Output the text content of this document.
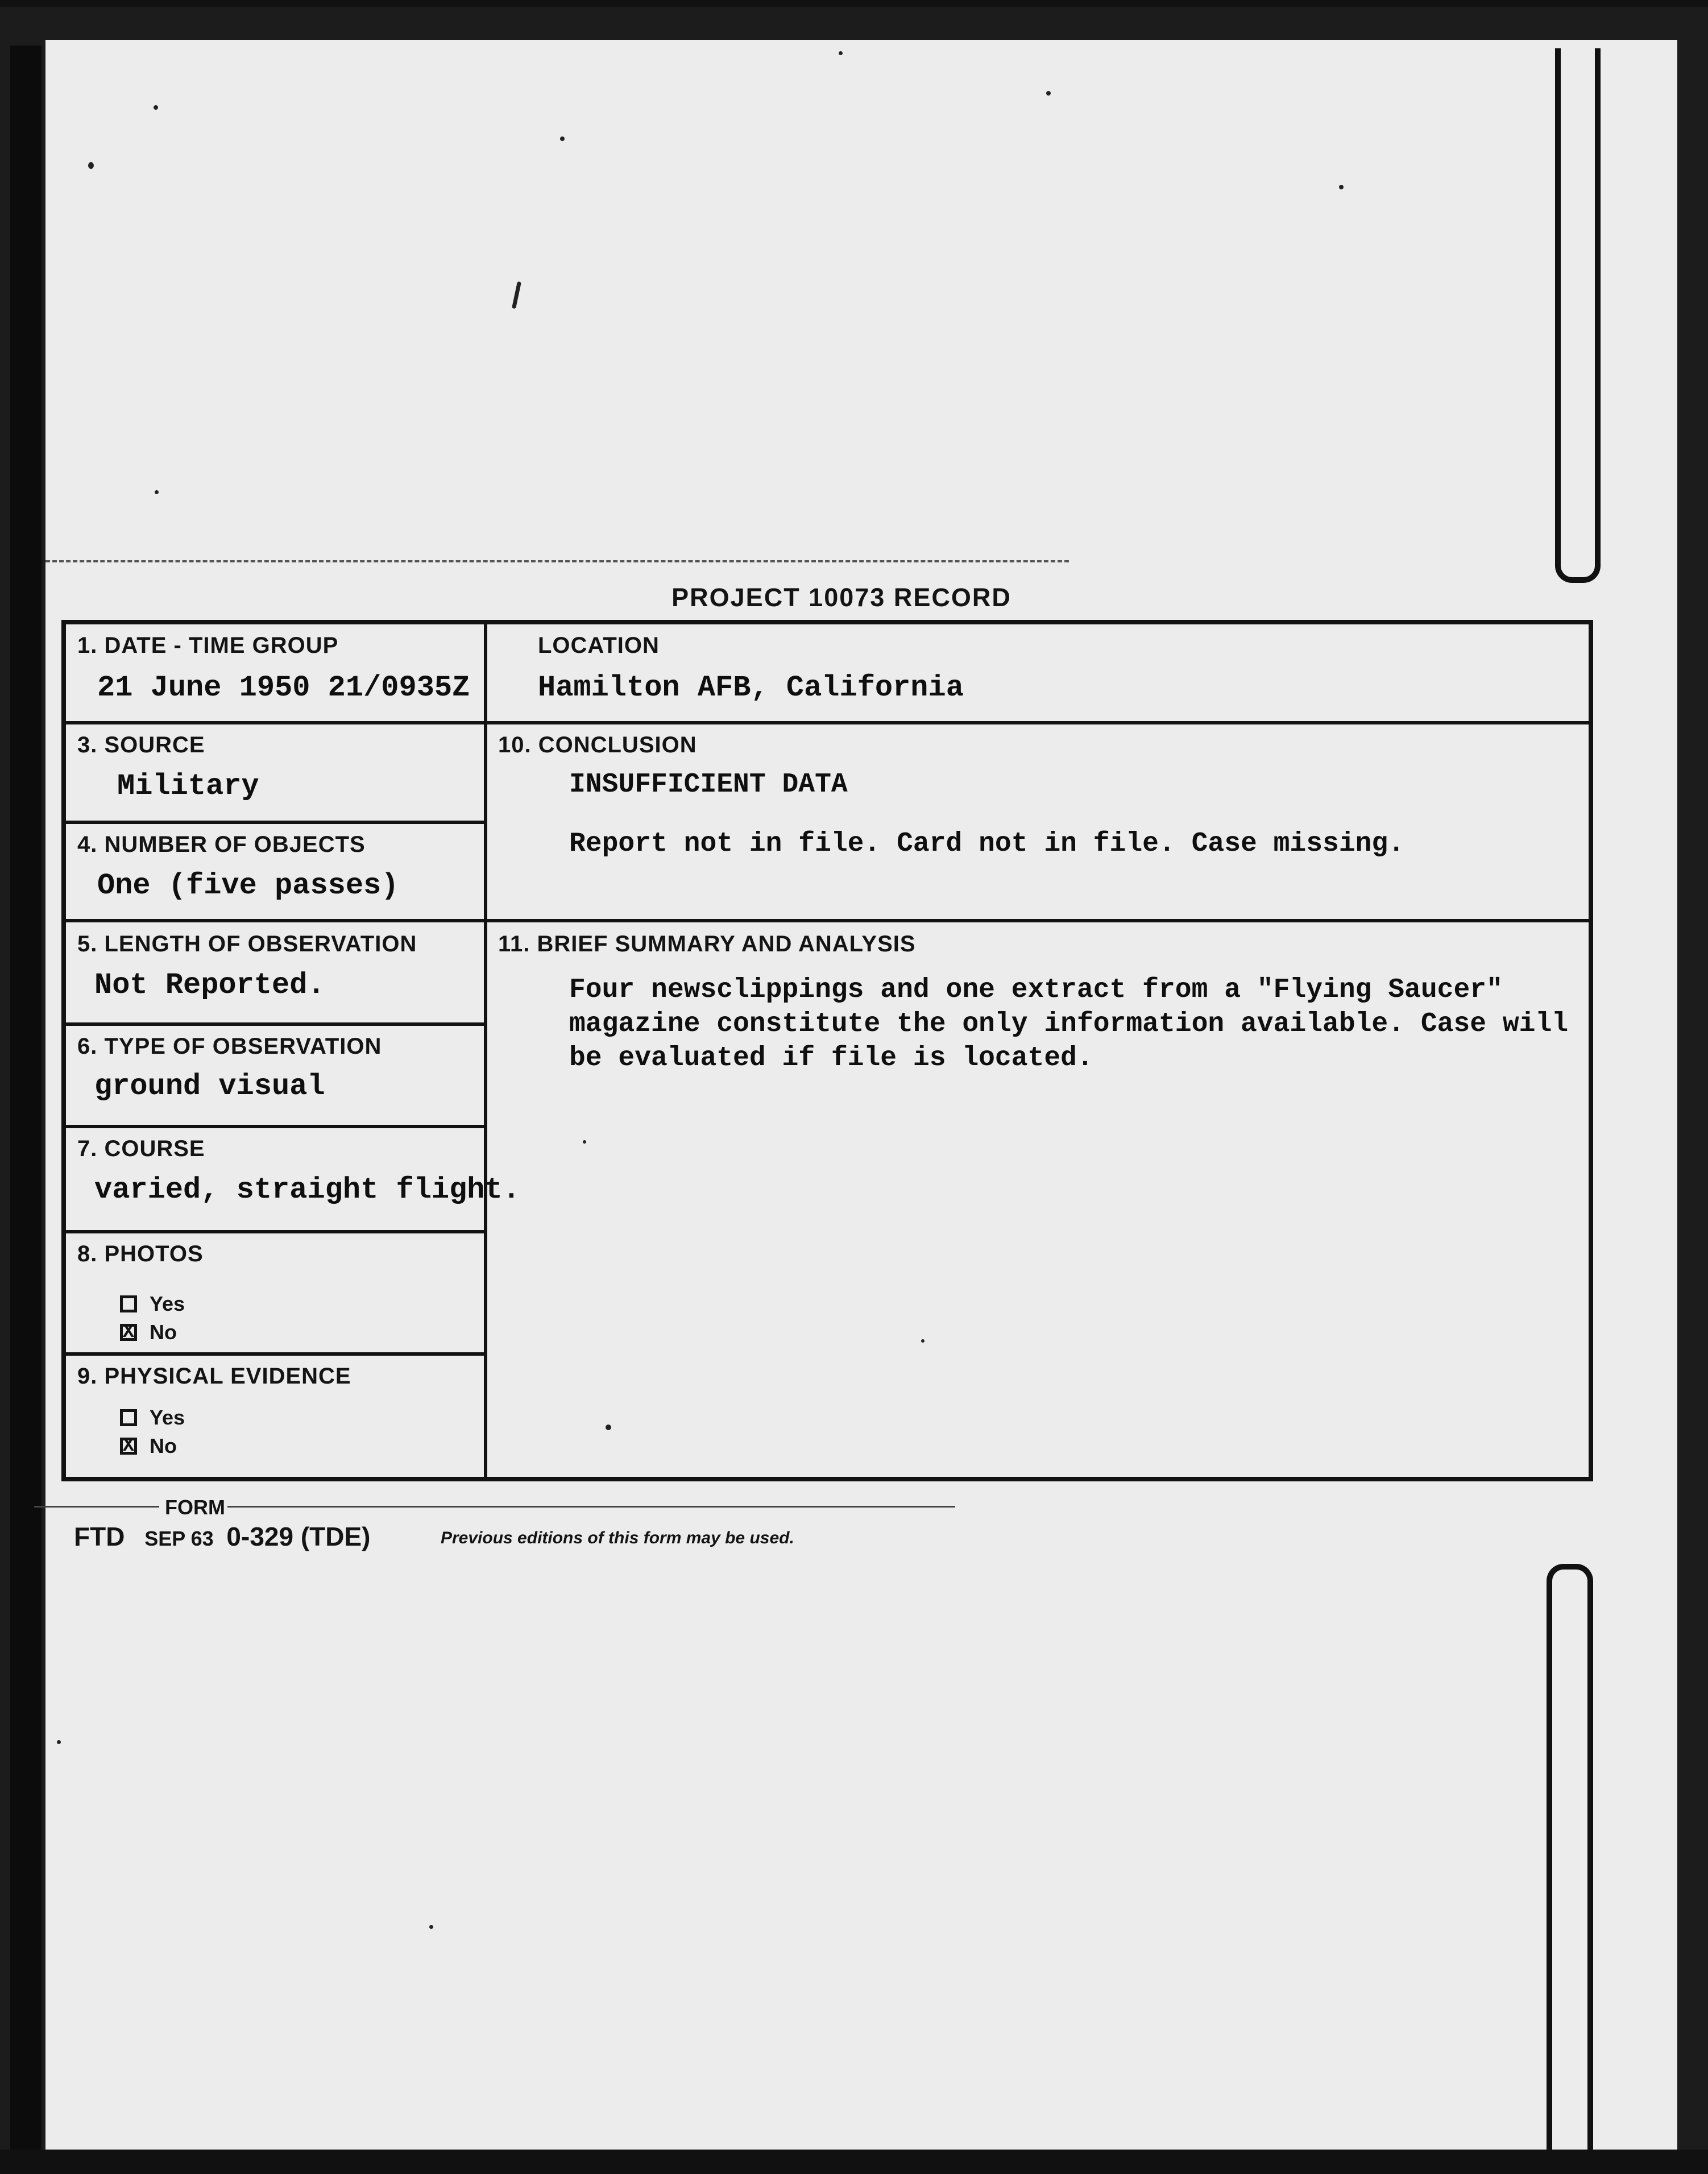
PROJECT 10073 RECORD
1. DATE - TIME GROUP
21 June 1950 21/0935Z
LOCATION
Hamilton AFB, California
3. SOURCE
Military
4. NUMBER OF OBJECTS
One (five passes)
5. LENGTH OF OBSERVATION
Not Reported.
6. TYPE OF OBSERVATION
ground visual
7. COURSE
varied, straight flight.
8. PHOTOS
Yes
X No
9. PHYSICAL EVIDENCE
Yes
X No
10. CONCLUSION
INSUFFICIENT DATA
Report not in file. Card not in file. Case missing.
11. BRIEF SUMMARY AND ANALYSIS
Four newsclippings and one extract from a "Flying Saucer" magazine constitute the only information available. Case will be evaluated if file is located.
FORM
FTD SEP 63 0-329 (TDE)	Previous editions of this form may be used.
